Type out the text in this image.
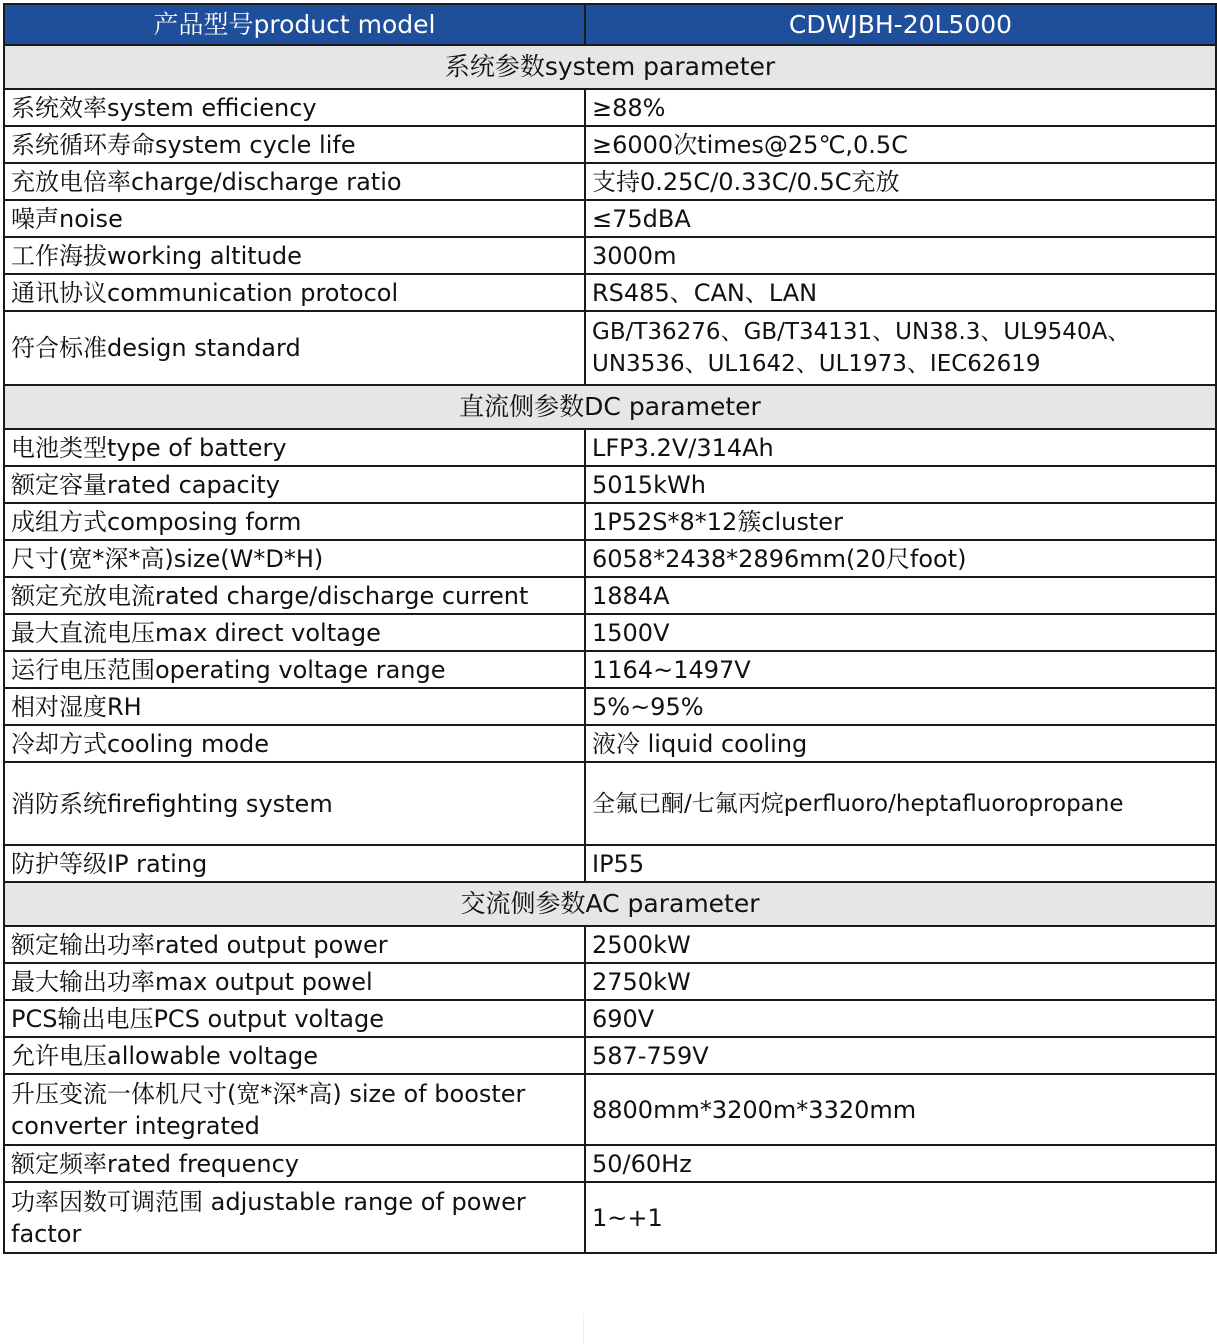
产品型号product model	CDWJBH-20L5000
系统参数system parameter	
系统效率system efficiency	≥88%
系统循环寿命system cycle life	≥6000次times@25℃,0.5C
充放电倍率charge/discharge ratio	支持0.25C/0.33C/0.5C充放
噪声noise	≤75dBA
工作海拔working altitude	3000m
通讯协议communication protocol	RS485、CAN、LAN
符合标准design standard	GB/T36276、GB/T34131、UN38.3、UL9540A、UN3536、UL1642、UL1973、IEC62619
直流侧参数DC parameter	
电池类型type of battery	LFP3.2V/314Ah
额定容量rated capacity	5015kWh
成组方式composing form	1P52S*8*12簇cluster
尺寸(宽*深*高)size(W*D*H)	6058*2438*2896mm(20尺foot)
额定充放电流rated charge/discharge current	1884A
最大直流电压max direct voltage	1500V
运行电压范围operating voltage range	1164~1497V
相对湿度RH	5%~95%
冷却方式cooling mode	液冷 liquid cooling
消防系统firefighting system	全氟已酮/七氟丙烷perfluoro/heptafluoropropane
防护等级IP rating	IP55
交流侧参数AC parameter	
额定输出功率rated output power	2500kW
最大输出功率max output powel	2750kW
PCS输出电压PCS output voltage	690V
允许电压allowable voltage	587-759V
升压变流一体机尺寸(宽*深*高) size of booster converter integrated	8800mm*3200m*3320mm
额定频率rated frequency	50/60Hz
功率因数可调范围 adjustable range of power factor	1~+1
